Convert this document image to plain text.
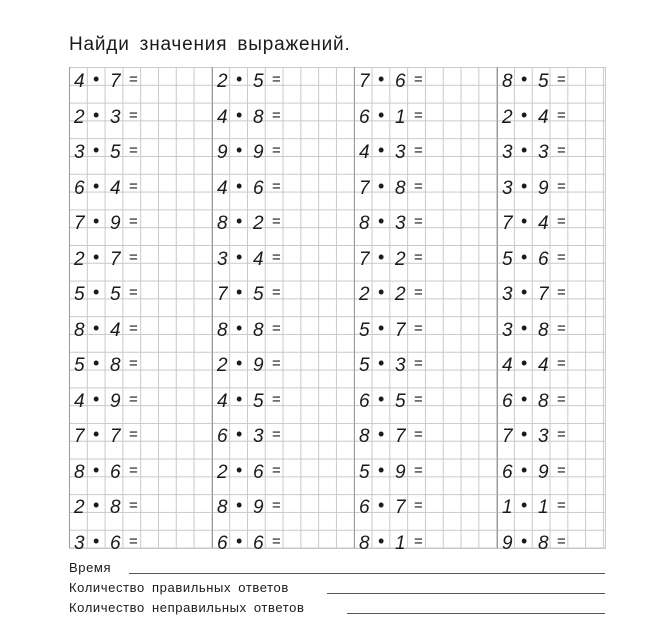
Найди значения выражений.
4 • 7 =
2 • 3 =
3 • 5 =
6 • 4 =
7 • 9 =
2 • 7 =
5 • 5 =
8 • 4 =
5 • 8 =
4 • 9 =
7 • 7 =
8 • 6 =
2 • 8 =
3 • 6 =
2 • 5 =
4 • 8 =
9 • 9 =
4 • 6 =
8 • 2 =
3 • 4 =
7 • 5 =
8 • 8 =
2 • 9 =
4 • 5 =
6 • 3 =
2 • 6 =
8 • 9 =
6 • 6 =
7 • 6 =
6 • 1 =
4 • 3 =
7 • 8 =
8 • 3 =
7 • 2 =
2 • 2 =
5 • 7 =
5 • 3 =
6 • 5 =
8 • 7 =
5 • 9 =
6 • 7 =
8 • 1 =
8 • 5 =
2 • 4 =
3 • 3 =
3 • 9 =
7 • 4 =
5 • 6 =
3 • 7 =
3 • 8 =
4 • 4 =
6 • 8 =
7 • 3 =
6 • 9 =
1 • 1 =
9 • 8 =
Время
Количество правильных ответов
Количество неправильных ответов
